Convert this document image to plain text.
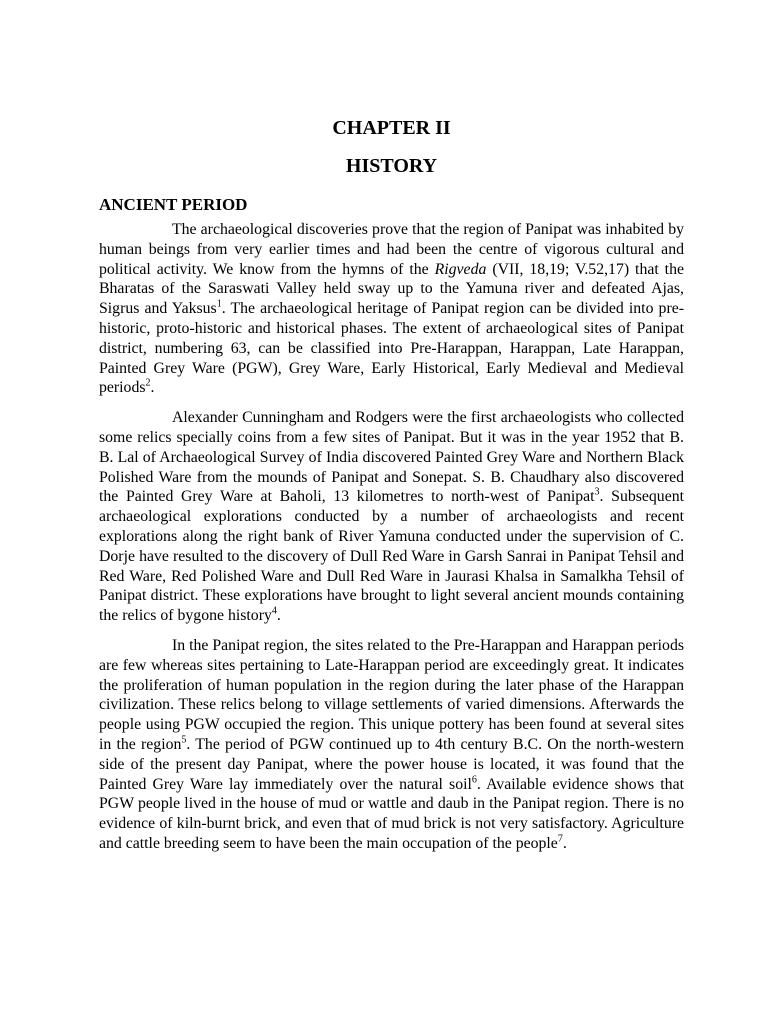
CHAPTER II
HISTORY
ANCIENT PERIOD

The archaeological discoveries prove that the region of Panipat was inhabited by human beings from very earlier times and had been the centre of vigorous cultural and political activity. We know from the hymns of the Rigveda (VII, 18,19; V.52,17) that the Bharatas of the Saraswati Valley held sway up to the Yamuna river and defeated Ajas, Sigrus and Yaksus$^1$. The archaeological heritage of Panipat region can be divided into pre-historic, proto-historic and historical phases. The extent of archaeological sites of Panipat district, numbering 63, can be classified into Pre-Harappan, Harappan, Late Harappan, Painted Grey Ware (PGW), Grey Ware, Early Historical, Early Medieval and Medieval periods$^2$.

Alexander Cunningham and Rodgers were the first archaeologists who collected some relics specially coins from a few sites of Panipat. But it was in the year 1952 that B. B. Lal of Archaeological Survey of India discovered Painted Grey Ware and Northern Black Polished Ware from the mounds of Panipat and Sonepat. S. B. Chaudhary also discovered the Painted Grey Ware at Baholi, 13 kilometres to north-west of Panipat$^3$. Subsequent archaeological explorations conducted by a number of archaeologists and recent explorations along the right bank of River Yamuna conducted under the supervision of C. Dorje have resulted to the discovery of Dull Red Ware in Garsh Sanrai in Panipat Tehsil and Red Ware, Red Polished Ware and Dull Red Ware in Jaurasi Khalsa in Samalkha Tehsil of Panipat district. These explorations have brought to light several ancient mounds containing the relics of bygone history$^4$.

In the Panipat region, the sites related to the Pre-Harappan and Harappan periods are few whereas sites pertaining to Late-Harappan period are exceedingly great. It indicates the proliferation of human population in the region during the later phase of the Harappan civilization. These relics belong to village settlements of varied dimensions. Afterwards the people using PGW occupied the region. This unique pottery has been found at several sites in the region$^5$. The period of PGW continued up to 4th century B.C. On the north-western side of the present day Panipat, where the power house is located, it was found that the Painted Grey Ware lay immediately over the natural soil$^6$. Available evidence shows that PGW people lived in the house of mud or wattle and daub in the Panipat region. There is no evidence of kiln-burnt brick, and even that of mud brick is not very satisfactory. Agriculture and cattle breeding seem to have been the main occupation of the people$^7$.
